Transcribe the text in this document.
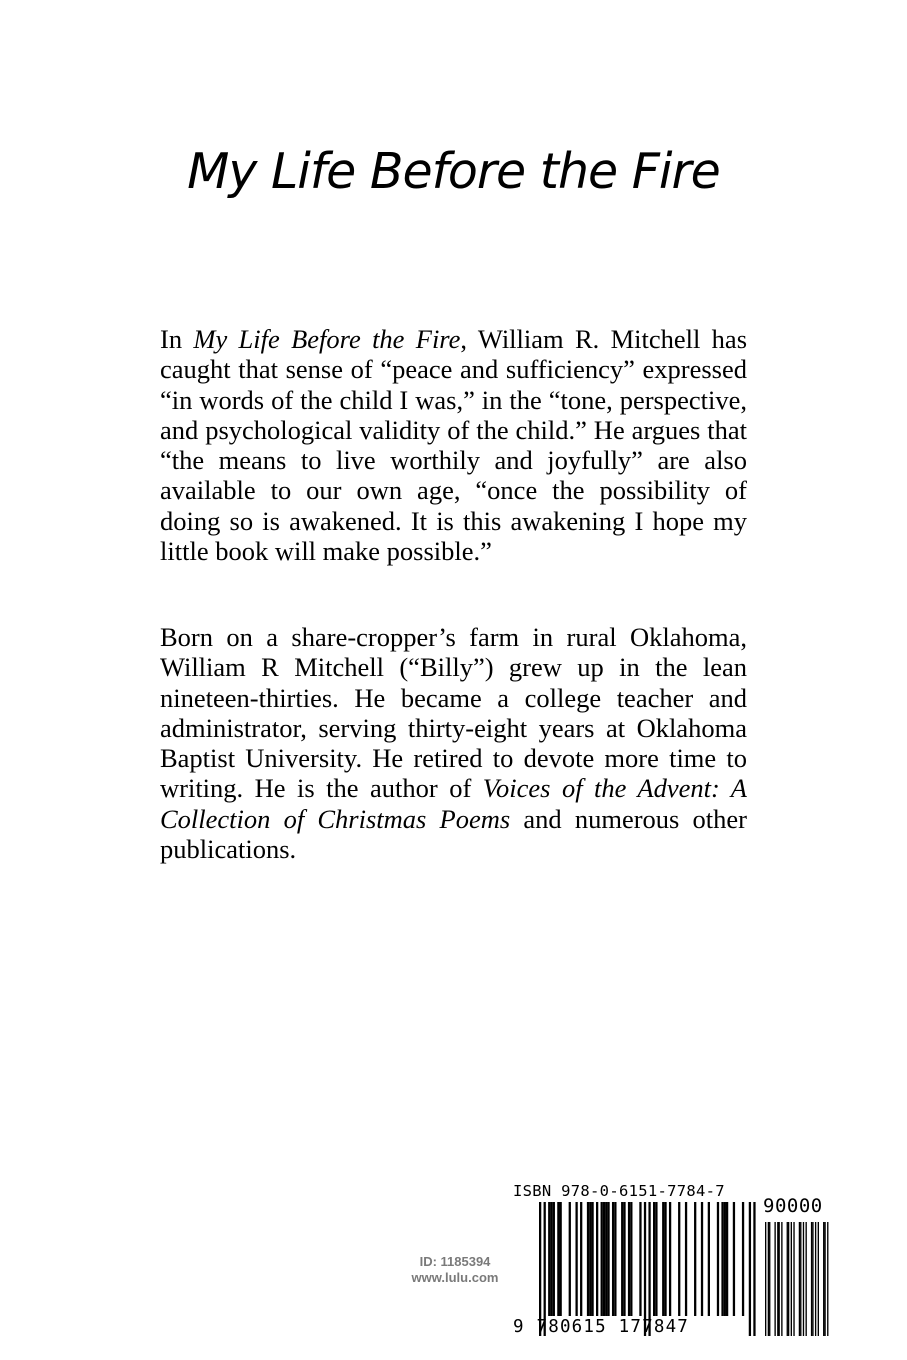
My Life Before the Fire

In My Life Before the Fire, William R. Mitchell has caught that sense of “peace and sufficiency” expressed “in words of the child I was,” in the “tone, perspective, and psychological validity of the child.” He argues that “the means to live worthily and joyfully” are also available to our own age, “once the possibility of doing so is awakened. It is this awakening I hope my little book will make possible.”

Born on a share-cropper’s farm in rural Oklahoma, William R Mitchell (“Billy”) grew up in the lean nineteen-thirties. He became a college teacher and administrator, serving thirty-eight years at Oklahoma Baptist University. He retired to devote more time to writing. He is the author of Voices of the Advent: A Collection of Christmas Poems and numerous other publications.

ID: 1185394
www.lulu.com
ISBN 978-0-6151-7784-7
90000
9 780615 177847
